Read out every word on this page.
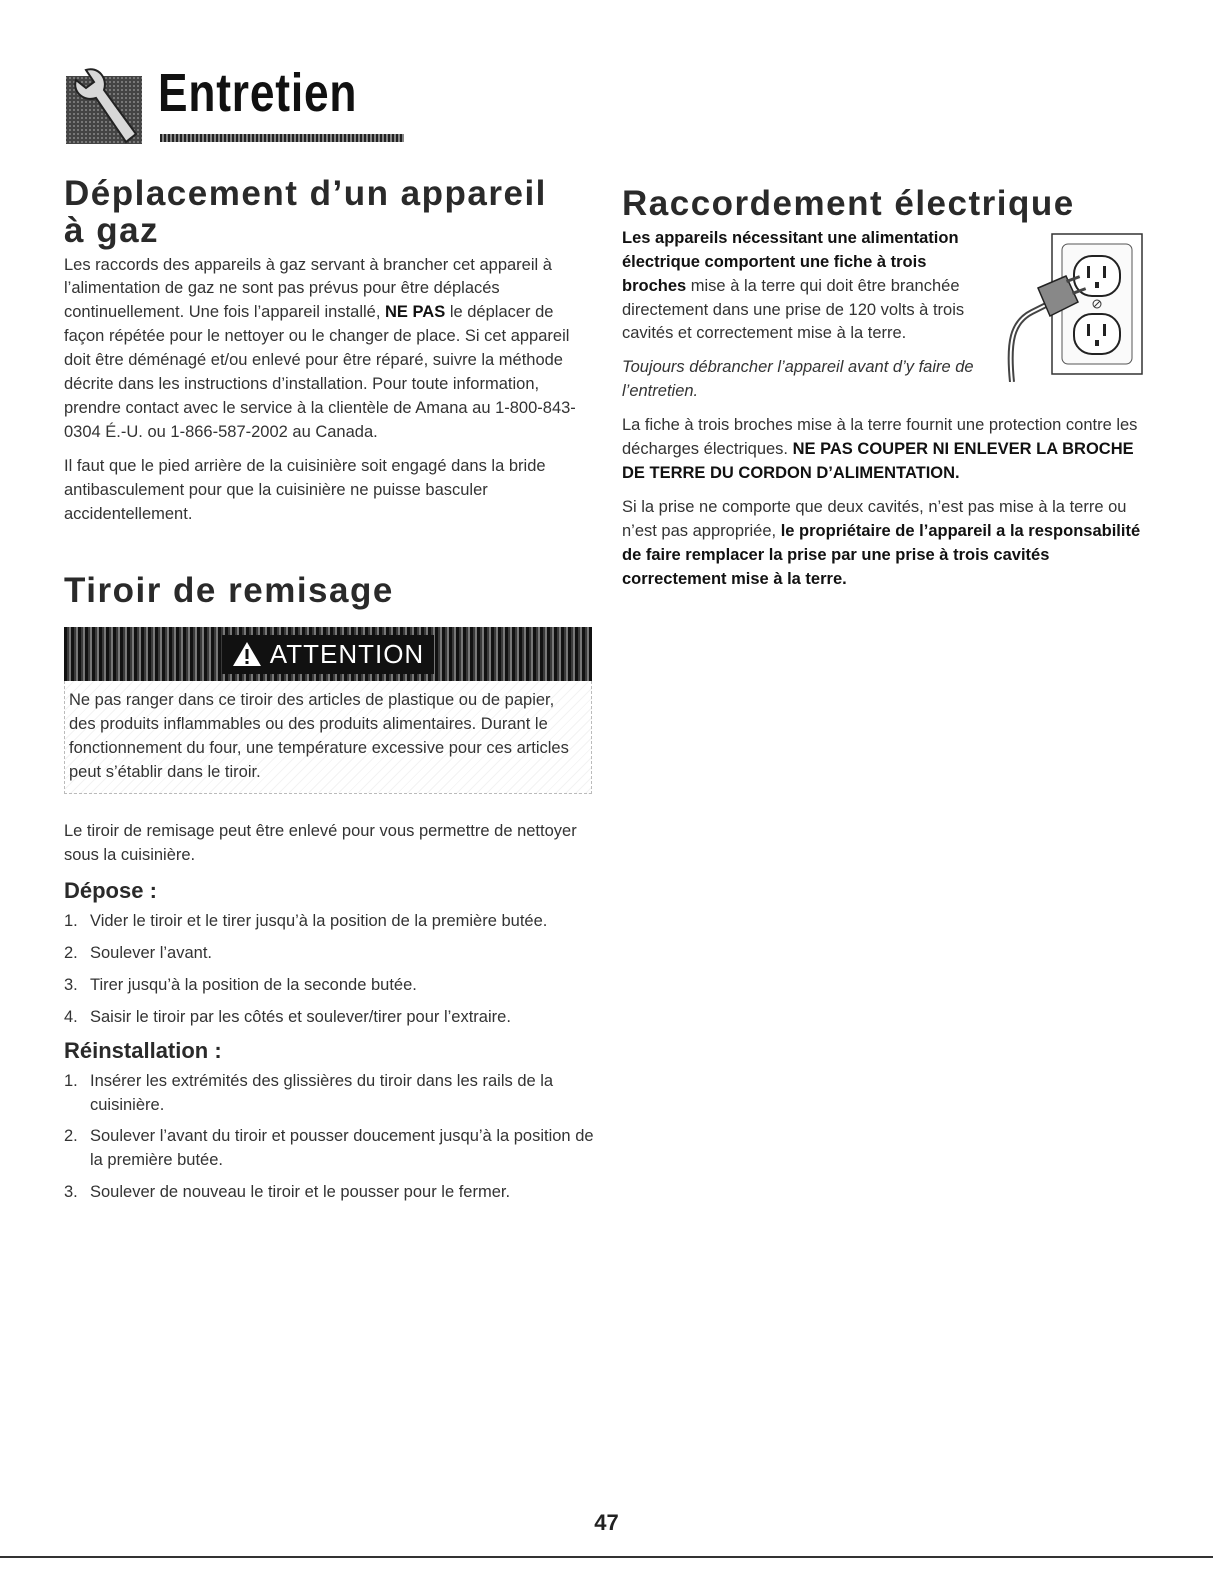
Entretien
Déplacement d’un appareil
à gaz

Les raccords des appareils à gaz servant à brancher cet appareil à l’alimentation de gaz ne sont pas prévus pour être déplacés continuellement. Une fois l’appareil installé, NE PAS le déplacer de façon répétée pour le nettoyer ou le changer de place. Si cet appareil doit être déménagé et/ou enlevé pour être réparé, suivre la méthode décrite dans les instructions d’installation. Pour toute information, prendre contact avec le service à la clientèle de Amana au 1-800-843-0304 É.-U. ou 1-866-587-2002 au Canada.

Il faut que le pied arrière de la cuisinière soit engagé dans la bride antibasculement pour que la cuisinière ne puisse basculer accidentellement.

Tiroir de remisage
ATTENTION
Ne pas ranger dans ce tiroir des articles de plastique ou de papier, des produits inflammables ou des produits alimentaires. Durant le fonctionnement du four, une température excessive pour ces articles peut s’établir dans le tiroir.

Le tiroir de remisage peut être enlevé pour vous permettre de nettoyer sous la cuisinière.

Dépose :
1. Vider le tiroir et le tirer jusqu’à la position de la première butée.
2. Soulever l’avant.
3. Tirer jusqu’à la position de la seconde butée.
4. Saisir le tiroir par les côtés et soulever/tirer pour l’extraire.
Réinstallation :
1. Insérer les extrémités des glissières du tiroir dans les rails de la cuisinière.
2. Soulever l’avant du tiroir et pousser doucement jusqu’à la position de la première butée.
3. Soulever de nouveau le tiroir et le pousser pour le fermer.
Raccordement électrique

Les appareils nécessitant une alimentation électrique comportent une fiche à trois broches mise à la terre qui doit être branchée directement dans une prise de 120 volts à trois cavités et correctement mise à la terre.

Toujours débrancher l’appareil avant d’y faire de l’entretien.

La fiche à trois broches mise à la terre fournit une protection contre les décharges électriques. NE PAS COUPER NI ENLEVER LA BROCHE DE TERRE DU CORDON D’ALIMENTATION.

Si la prise ne comporte que deux cavités, n’est pas mise à la terre ou n’est pas appropriée, le propriétaire de l’appareil a la responsabilité de faire remplacer la prise par une prise à trois cavités correctement mise à la terre.

47
